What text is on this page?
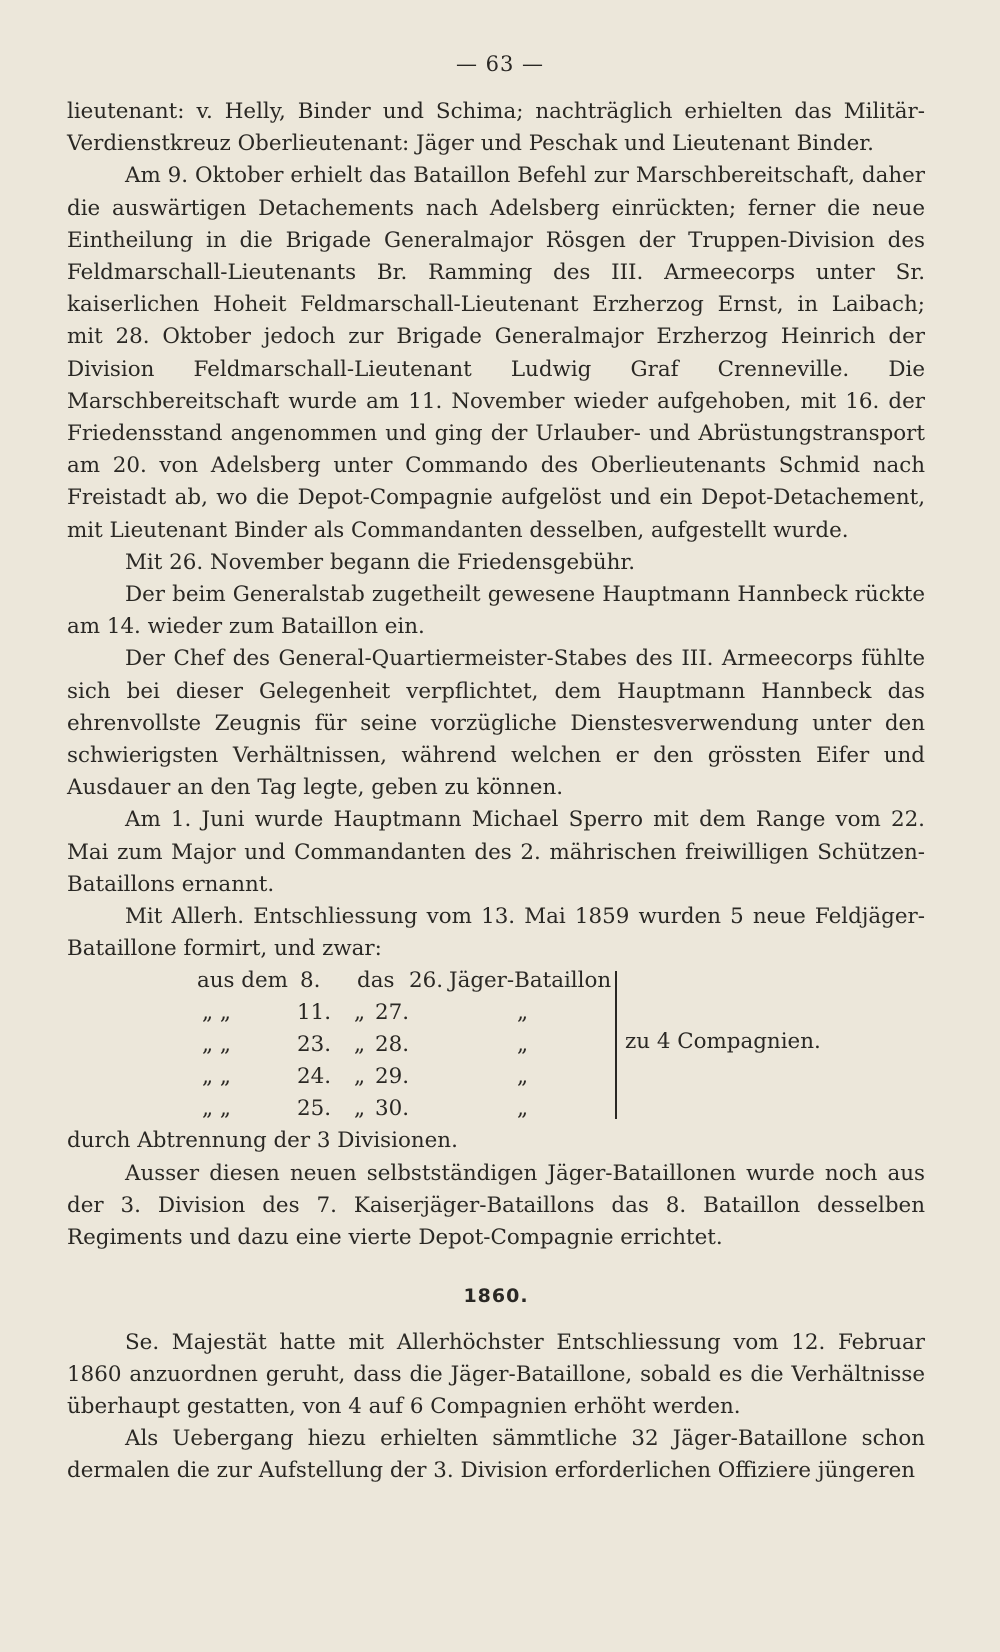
— 63 —

lieutenant: v. Helly, Binder und Schima; nachträglich erhielten das Militär-Verdienstkreuz Oberlieutenant: Jäger und Peschak und Lieutenant Binder.

Am 9. Oktober erhielt das Bataillon Befehl zur Marschbereitschaft, daher die auswärtigen Detachements nach Adelsberg einrückten; ferner die neue Eintheilung in die Brigade Generalmajor Rösgen der Truppen-Division des Feldmarschall-Lieutenants Br. Ramming des III. Armeecorps unter Sr. kaiserlichen Hoheit Feldmarschall-Lieutenant Erzherzog Ernst, in Laibach; mit 28. Oktober jedoch zur Brigade Generalmajor Erzherzog Heinrich der Division Feldmarschall-Lieutenant Ludwig Graf Crenneville. Die Marschbereitschaft wurde am 11. November wieder aufgehoben, mit 16. der Friedensstand angenommen und ging der Urlauber- und Abrüstungstransport am 20. von Adelsberg unter Commando des Oberlieutenants Schmid nach Freistadt ab, wo die Depot-Compagnie aufgelöst und ein Depot-Detachement, mit Lieutenant Binder als Commandanten desselben, aufgestellt wurde.

Mit 26. November begann die Friedensgebühr.

Der beim Generalstab zugetheilt gewesene Hauptmann Hannbeck rückte am 14. wieder zum Bataillon ein.

Der Chef des General-Quartiermeister-Stabes des III. Armeecorps fühlte sich bei dieser Gelegenheit verpflichtet, dem Hauptmann Hannbeck das ehrenvollste Zeugnis für seine vorzügliche Dienstesverwendung unter den schwierigsten Verhältnissen, während welchen er den grössten Eifer und Ausdauer an den Tag legte, geben zu können.

Am 1. Juni wurde Hauptmann Michael Sperro mit dem Range vom 22. Mai zum Major und Commandanten des 2. mährischen freiwilligen Schützen-Bataillons ernannt.

Mit Allerh. Entschliessung vom 13. Mai 1859 wurden 5 neue Feldjäger-Bataillone formirt, und zwar:

aus dem 8. das 26. Jäger-Bataillon
„ „	11. „ 27.	„
„ „	23. „ 28.	„
„ „	24. „ 29.	„
„ „	25. „ 30.	„
zu 4 Compagnien.

durch Abtrennung der 3 Divisionen.

Ausser diesen neuen selbstständigen Jäger-Bataillonen wurde noch aus der 3. Division des 7. Kaiserjäger-Bataillons das 8. Bataillon desselben Regiments und dazu eine vierte Depot-Compagnie errichtet.

1860.

Se. Majestät hatte mit Allerhöchster Entschliessung vom 12. Februar 1860 anzuordnen geruht, dass die Jäger-Bataillone, sobald es die Verhältnisse überhaupt gestatten, von 4 auf 6 Compagnien erhöht werden.

Als Uebergang hiezu erhielten sämmtliche 32 Jäger-Bataillone schon dermalen die zur Aufstellung der 3. Division erforderlichen Offiziere jüngeren
